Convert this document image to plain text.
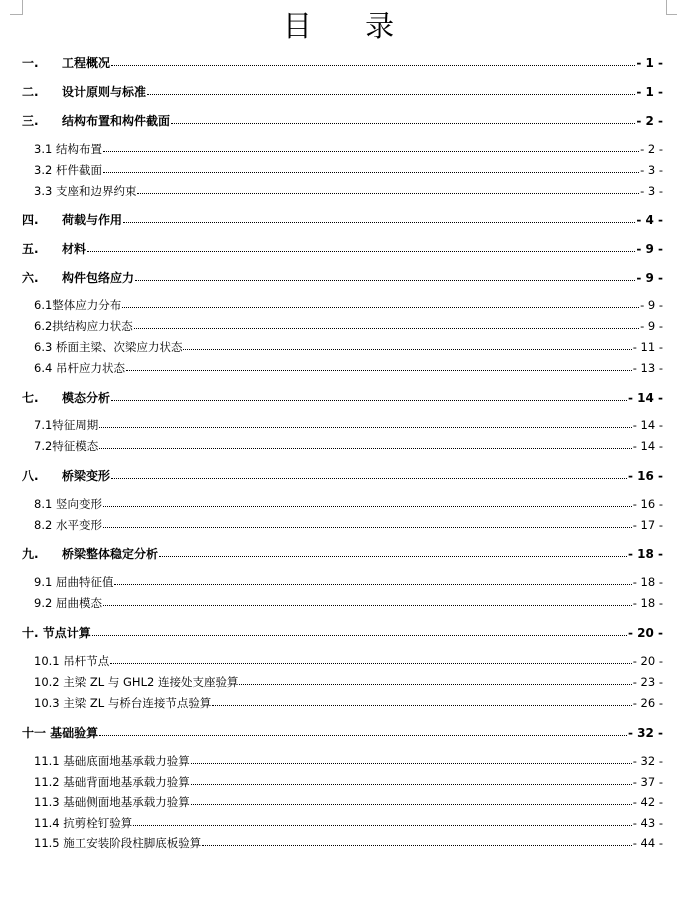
目 录
一.	工程概况	- 1 -
二.	设计原则与标准	- 1 -
三.	结构布置和构件截面	- 2 -
3.1 结构布置	- 2 -
3.2 杆件截面	- 3 -
3.3 支座和边界约束	- 3 -
四.	荷载与作用	- 4 -
五.	材料	- 9 -
六.	构件包络应力	- 9 -
6.1整体应力分布	- 9 -
6.2拱结构应力状态	- 9 -
6.3 桥面主梁、次梁应力状态	- 11 -
6.4 吊杆应力状态	- 13 -
七.	模态分析	- 14 -
7.1特征周期	- 14 -
7.2特征模态	- 14 -
八.	桥梁变形	- 16 -
8.1 竖向变形	- 16 -
8.2 水平变形	- 17 -
九.	桥梁整体稳定分析	- 18 -
9.1 屈曲特征值	- 18 -
9.2 屈曲模态	- 18 -
十. 节点计算	- 20 -
10.1 吊杆节点	- 20 -
10.2 主梁 ZL 与 GHL2 连接处支座验算	- 23 -
10.3 主梁 ZL 与桥台连接节点验算	- 26 -
十一 基础验算	- 32 -
11.1 基础底面地基承载力验算	- 32 -
11.2 基础背面地基承载力验算	- 37 -
11.3 基础侧面地基承载力验算	- 42 -
11.4 抗剪栓钉验算	- 43 -
11.5 施工安装阶段柱脚底板验算	- 44 -
